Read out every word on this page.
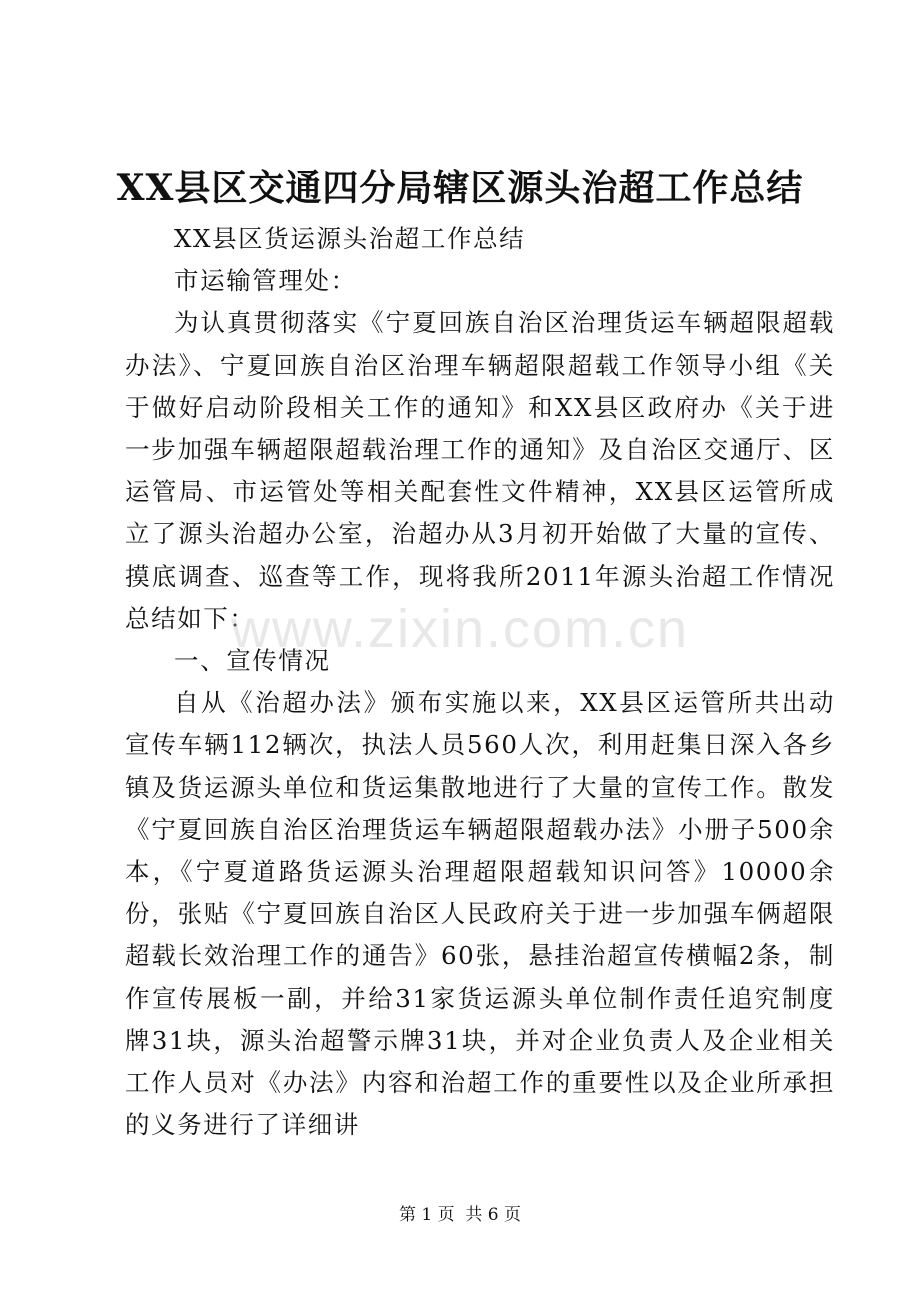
XX县区交通四分局辖区源头治超工作总结

XX县区货运源头治超工作总结

市运输管理处：

为认真贯彻落实《宁夏回族自治区治理货运车辆超限超载办法》、宁夏回族自治区治理车辆超限超载工作领导小组《关于做好启动阶段相关工作的通知》和XX县区政府办《关于进一步加强车辆超限超载治理工作的通知》及自治区交通厅、区运管局、市运管处等相关配套性文件精神，XX县区运管所成立了源头治超办公室，治超办从3月初开始做了大量的宣传、摸底调查、巡查等工作，现将我所2011年源头治超工作情况总结如下：

一、宣传情况

自从《治超办法》颁布实施以来，XX县区运管所共出动宣传车辆112辆次，执法人员560人次，利用赶集日深入各乡镇及货运源头单位和货运集散地进行了大量的宣传工作。散发《宁夏回族自治区治理货运车辆超限超载办法》小册子500余本，《宁夏道路货运源头治理超限超载知识问答》10000余份，张贴《宁夏回族自治区人民政府关于进一步加强车俩超限超载长效治理工作的通告》60张，悬挂治超宣传横幅2条，制作宣传展板一副，并给31家货运源头单位制作责任追究制度牌31块，源头治超警示牌31块，并对企业负责人及企业相关工作人员对《办法》内容和治超工作的重要性以及企业所承担的义务进行了详细讲

www.zixin.com.cn
第 1 页  共 6 页
